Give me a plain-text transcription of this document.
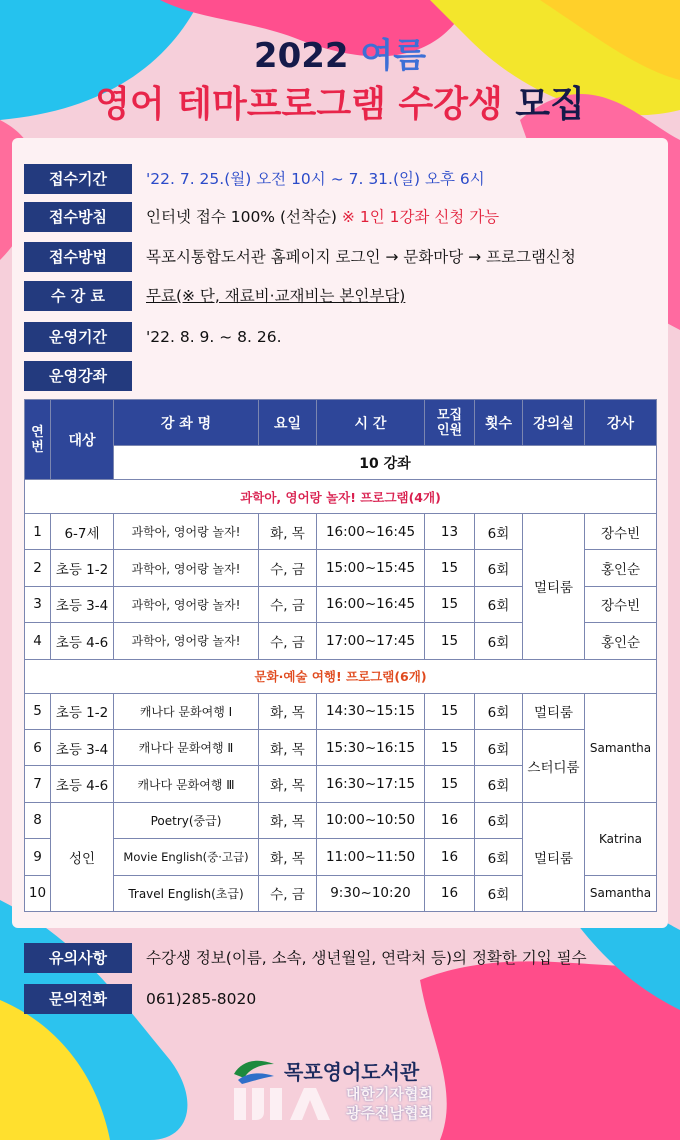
2022 여름
영어 테마프로그램 수강생 모집
접수기간	'22. 7. 25.(월) 오전 10시 ~ 7. 31.(일) 오후 6시
접수방침	인터넷 접수 100% (선착순) ※ 1인 1강좌 신청 가능
접수방법	목포시통합도서관 홈페이지 로그인 → 문화마당 → 프로그램신청
수 강 료	무료(※ 단, 재료비·교재비는 본인부담)
운영기간	'22. 8. 9. ~ 8. 26.
운영강좌
연번	대상	강 좌 명	요일	시 간	모집인원	횟수	강의실	강사
		10 강좌						
과학아, 영어랑 놀자! 프로그램(4개)								
1	6-7세	과학아, 영어랑 놀자!	화, 목	16:00~16:45	13	6회	멀티룸	장수빈
2	초등 1-2	과학아, 영어랑 놀자!	수, 금	15:00~15:45	15	6회		홍인순
3	초등 3-4	과학아, 영어랑 놀자!	수, 금	16:00~16:45	15	6회		장수빈
4	초등 4-6	과학아, 영어랑 놀자!	수, 금	17:00~17:45	15	6회		홍인순
문화·예술 여행! 프로그램(6개)								
5	초등 1-2	캐나다 문화여행 Ⅰ	화, 목	14:30~15:15	15	6회	멀티룸	Samantha
6	초등 3-4	캐나다 문화여행 Ⅱ	화, 목	15:30~16:15	15	6회	스터디룸	
7	초등 4-6	캐나다 문화여행 Ⅲ	화, 목	16:30~17:15	15	6회		
8	성인	Poetry(중급)	화, 목	10:00~10:50	16	6회	멀티룸	Katrina
9		Movie English(중·고급)	화, 목	11:00~11:50	16	6회		
10		Travel English(초급)	수, 금	9:30~10:20	16	6회		Samantha
유의사항	수강생 정보(이름, 소속, 생년월일, 연락처 등)의 정확한 기입 필수
문의전화	061)285-8020
목포영어도서관
대한기자협회
광주전남협회
